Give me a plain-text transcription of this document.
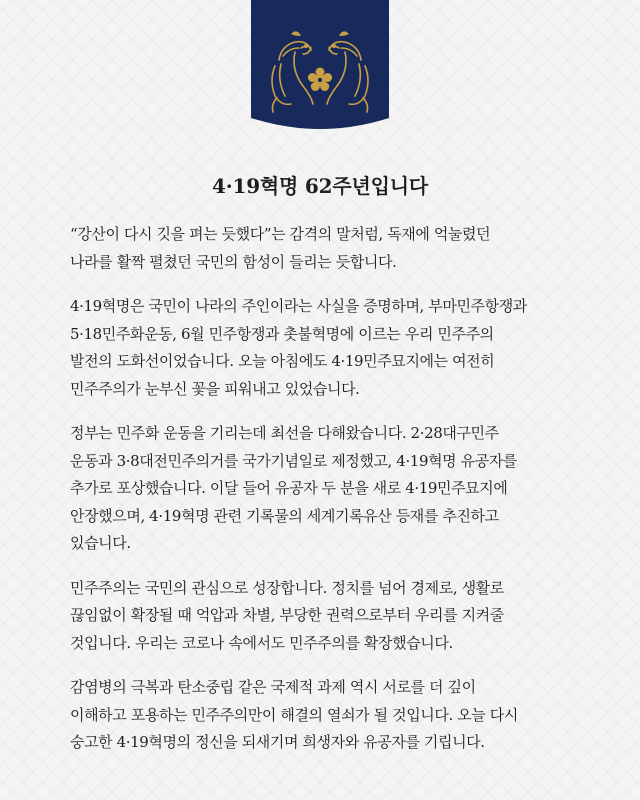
4·19혁명 62주년입니다

“강산이 다시 깃을 펴는 듯했다”는 감격의 말처럼, 독재에 억눌렸던
나라를 활짝 펼쳤던 국민의 함성이 들리는 듯합니다.

4·19혁명은 국민이 나라의 주인이라는 사실을 증명하며, 부마민주항쟁과
5·18민주화운동, 6월 민주항쟁과 촛불혁명에 이르는 우리 민주주의
발전의 도화선이었습니다. 오늘 아침에도 4·19민주묘지에는 여전히
민주주의가 눈부신 꽃을 피워내고 있었습니다.

정부는 민주화 운동을 기리는데 최선을 다해왔습니다. 2·28대구민주
운동과 3·8대전민주의거를 국가기념일로 제정했고, 4·19혁명 유공자를
추가로 포상했습니다. 이달 들어 유공자 두 분을 새로 4·19민주묘지에
안장했으며, 4·19혁명 관련 기록물의 세계기록유산 등재를 추진하고
있습니다.

민주주의는 국민의 관심으로 성장합니다. 정치를 넘어 경제로, 생활로
끊임없이 확장될 때 억압과 차별, 부당한 권력으로부터 우리를 지켜줄
것입니다. 우리는 코로나 속에서도 민주주의를 확장했습니다.

감염병의 극복과 탄소중립 같은 국제적 과제 역시 서로를 더 깊이
이해하고 포용하는 민주주의만이 해결의 열쇠가 될 것입니다. 오늘 다시
숭고한 4·19혁명의 정신을 되새기며 희생자와 유공자를 기립니다.
